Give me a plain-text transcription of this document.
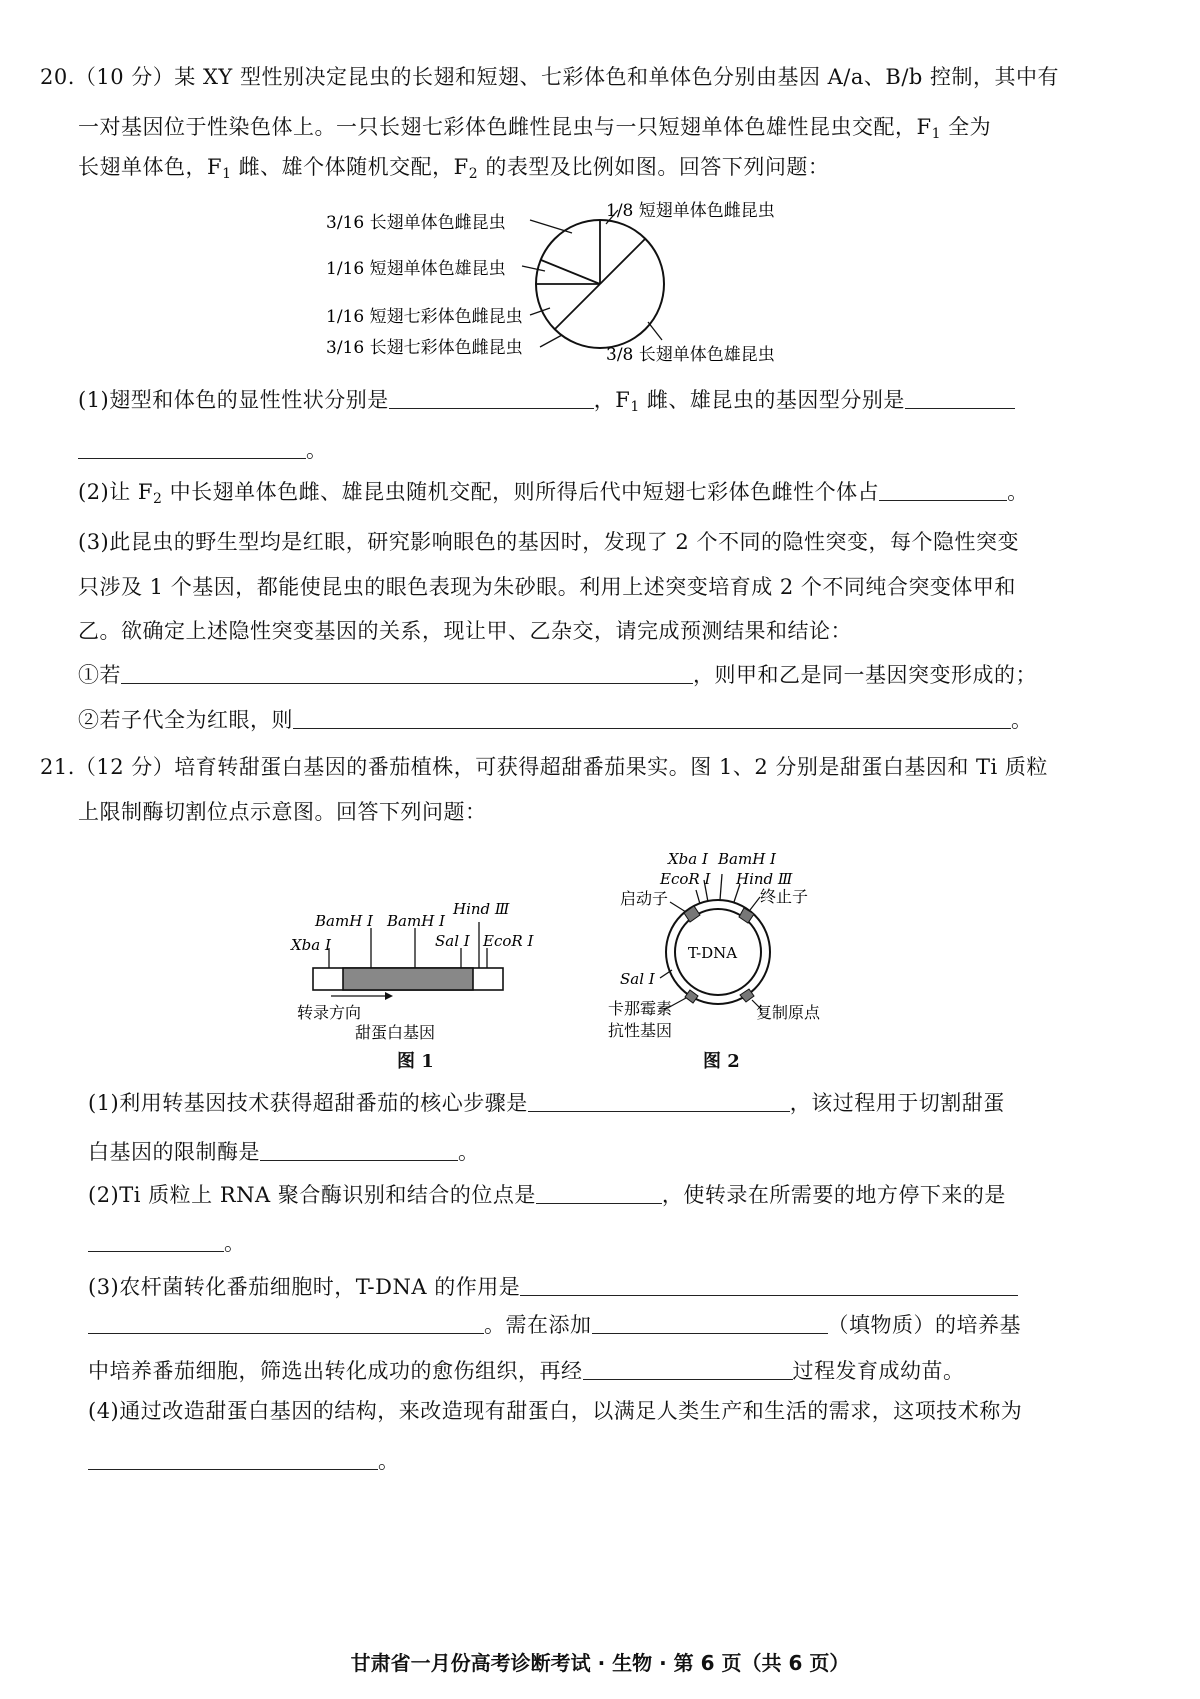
20.（10 分）某 XY 型性别决定昆虫的长翅和短翅、七彩体色和单体色分别由基因 A/a、B/b 控制，其中有
一对基因位于性染色体上。一只长翅七彩体色雌性昆虫与一只短翅单体色雄性昆虫交配，$F_1$ 全为
长翅单体色，$F_1$ 雌、雄个体随机交配，$F_2$ 的表型及比例如图。回答下列问题：
3/16 长翅单体色雌昆虫
1/16 短翅单体色雄昆虫
1/16 短翅七彩体色雌昆虫
3/16 长翅七彩体色雌昆虫
1/8 短翅单体色雌昆虫
3/8 长翅单体色雄昆虫
(1)翅型和体色的显性性状分别是	，$F_1$ 雌、雄昆虫的基因型分别是
。
(2)让 $F_2$ 中长翅单体色雌、雄昆虫随机交配，则所得后代中短翅七彩体色雌性个体占	。
(3)此昆虫的野生型均是红眼，研究影响眼色的基因时，发现了 2 个不同的隐性突变，每个隐性突变
只涉及 1 个基因，都能使昆虫的眼色表现为朱砂眼。利用上述突变培育成 2 个不同纯合突变体甲和
乙。欲确定上述隐性突变基因的关系，现让甲、乙杂交，请完成预测结果和结论：
①若	，则甲和乙是同一基因突变形成的；
②若子代全为红眼，则	。
21.（12 分）培育转甜蛋白基因的番茄植株，可获得超甜番茄果实。图 1、2 分别是甜蛋白基因和 Ti 质粒
上限制酶切割位点示意图。回答下列问题：
BamH Ⅰ
Xba Ⅰ
BamH Ⅰ
Hind Ⅲ
Sal Ⅰ EcoR Ⅰ
转录方向
甜蛋白基因
图 1
Xba Ⅰ BamH Ⅰ
EcoR Ⅰ Hind Ⅲ
启动子	终止子
T-DNA
Sal Ⅰ
卡那霉素
抗性基因
复制原点
图 2
(1)利用转基因技术获得超甜番茄的核心步骤是	，该过程用于切割甜蛋
白基因的限制酶是	。
(2)Ti 质粒上 RNA 聚合酶识别和结合的位点是	，使转录在所需要的地方停下来的是
。
(3)农杆菌转化番茄细胞时，T-DNA 的作用是
。需在添加	（填物质）的培养基
中培养番茄细胞，筛选出转化成功的愈伤组织，再经	过程发育成幼苗。
(4)通过改造甜蛋白基因的结构，来改造现有甜蛋白，以满足人类生产和生活的需求，这项技术称为
。
甘肃省一月份高考诊断考试 · 生物 · 第 6 页（共 6 页）
